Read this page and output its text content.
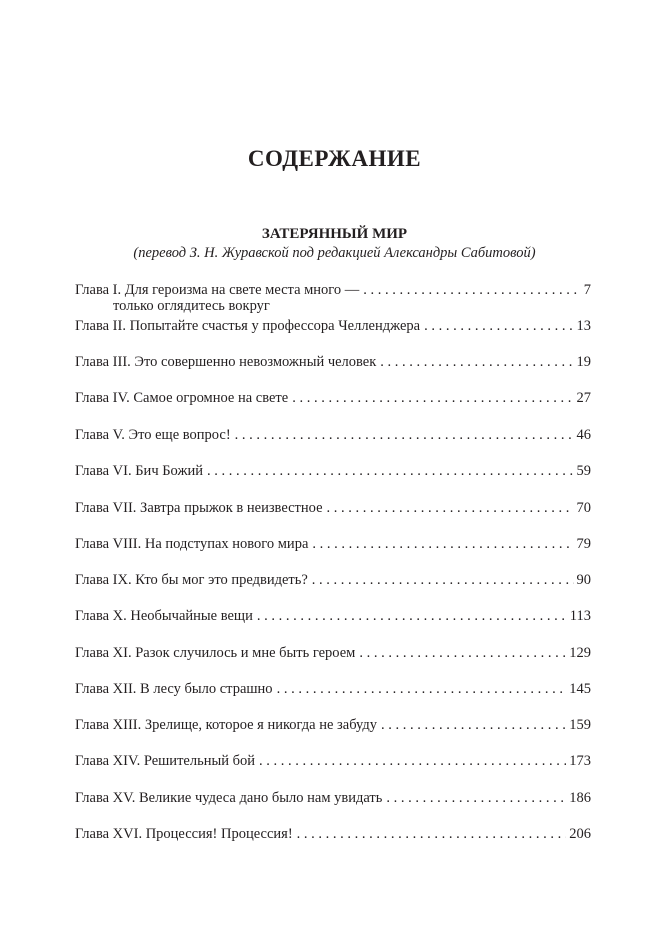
СОДЕРЖАНИЕ
ЗАТЕРЯННЫЙ МИР
(перевод З. Н. Журавской под редакцией Александры Сабитовой)
Глава I. Для героизма на свете места много — . . .	7
только оглядитесь вокруг
Глава II. Попытайте счастья у профессора Челленджера . . .	13
Глава III. Это совершенно невозможный человек . . .	19
Глава IV. Самое огромное на свете . . .	27
Глава V. Это еще вопрос! . . .	46
Глава VI. Бич Божий . . .	59
Глава VII. Завтра прыжок в неизвестное . . .	70
Глава VIII. На подступах нового мира . . .	79
Глава IX. Кто бы мог это предвидеть? . . .	90
Глава X. Необычайные вещи . . .	113
Глава XI. Разок случилось и мне быть героем . . .	129
Глава XII. В лесу было страшно . . .	145
Глава XIII. Зрелище, которое я никогда не забуду . . .	159
Глава XIV. Решительный бой . . .	173
Глава XV. Великие чудеса дано было нам увидать . . .	186
Глава XVI. Процессия! Процессия! . . .	206
